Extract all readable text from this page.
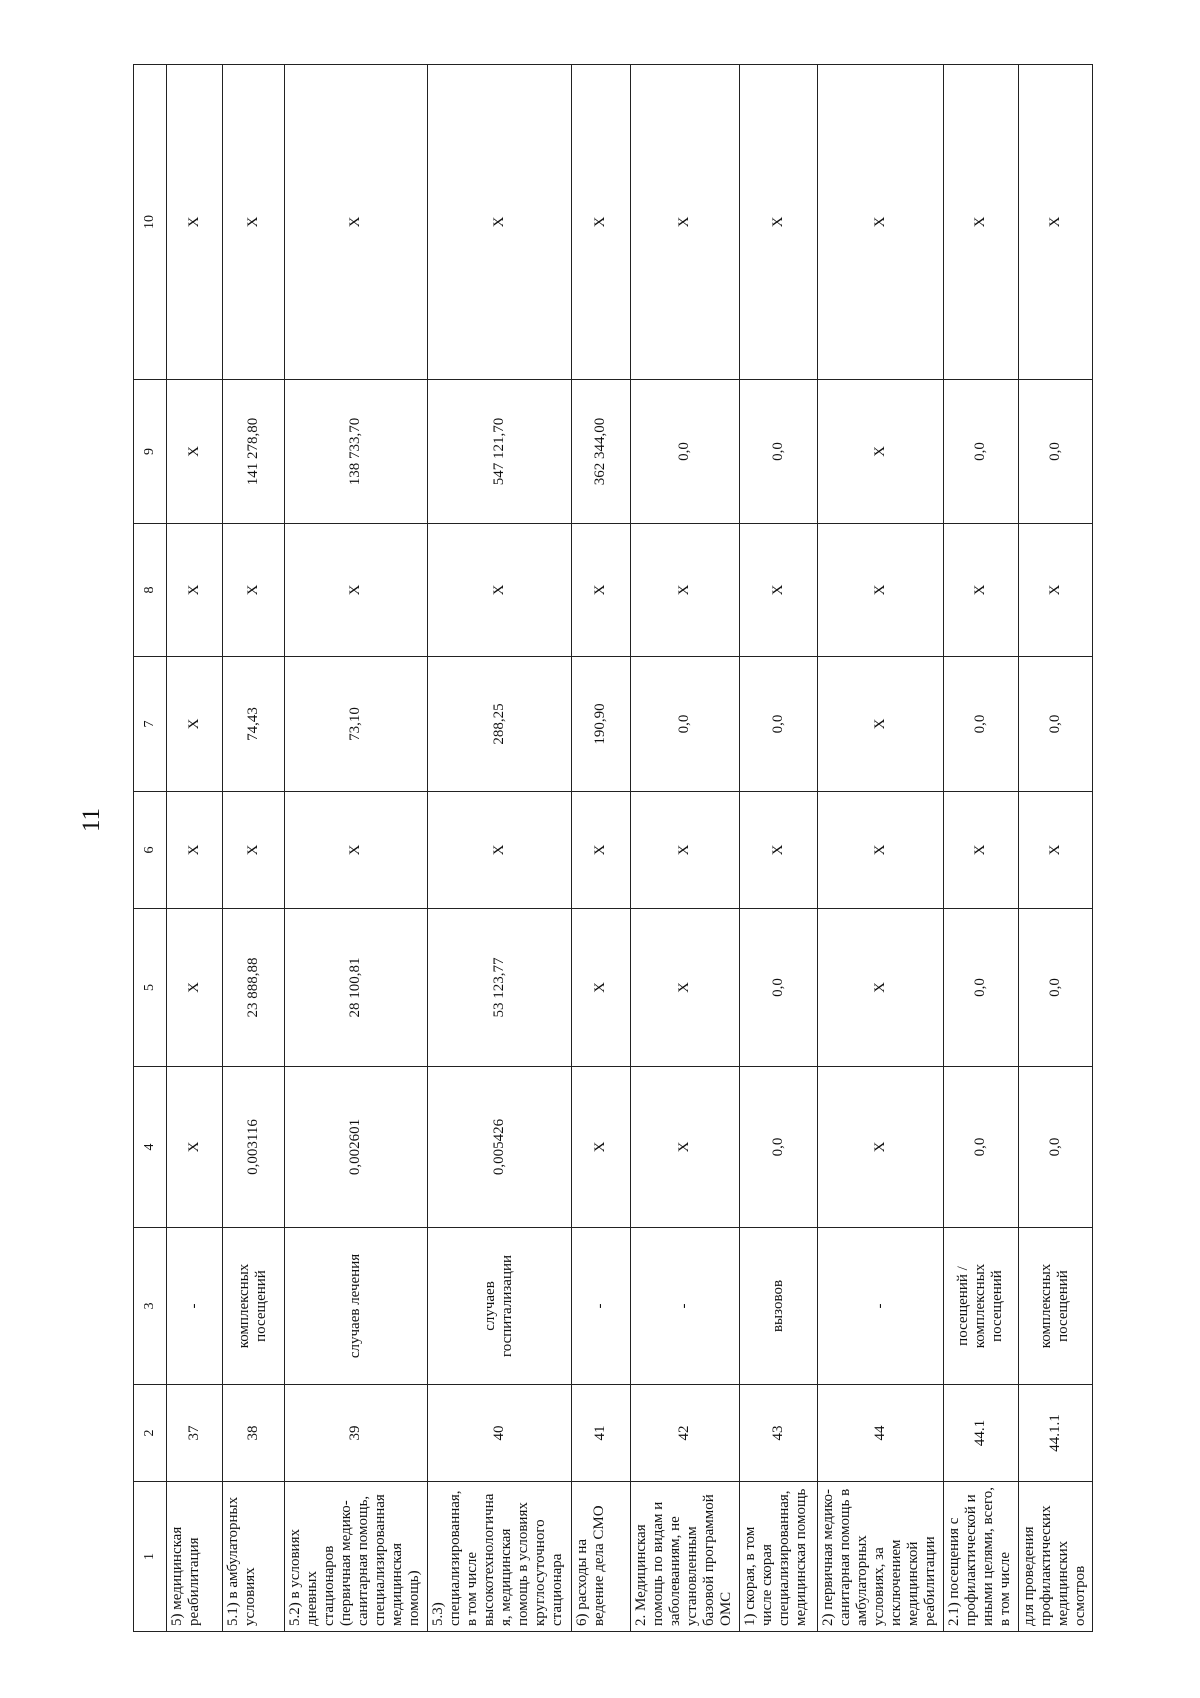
11
1	2	3	4	5	6	7	8	9	10
5) медицинская реабилитация	37	-	X	X	X	X	X	X	X
5.1) в амбулаторных условиях	38	комплексных посещений	0,003116	23 888,88	X	74,43	X	141 278,80	X
5.2) в условиях дневных стационаров (первичная медико-санитарная помощь, специализированная медицинская помощь)	39	случаев лечения	0,002601	28 100,81	X	73,10	X	138 733,70	X
5.3) специализированная, в том числе высокотехнологичная, медицинская помощь в условиях круглосуточного стационара	40	случаев госпитализации	0,005426	53 123,77	X	288,25	X	547 121,70	X
6) расходы на ведение дела СМО	41	-	X	X	X	190,90	X	362 344,00	X
2. Медицинская помощь по видам и заболеваниям, не установленным базовой программой ОМС	42	-	X	X	X	0,0	X	0,0	X
1) скорая, в том числе скорая специализированная, медицинская помощь	43	вызовов	0,0	0,0	X	0,0	X	0,0	X
2) первичная медико-санитарная помощь в амбулаторных условиях, за исключением медицинской реабилитации	44	-	X	X	X	X	X	X	X
2.1) посещения с профилактической и иными целями, всего, в том числе	44.1	посещений / комплексных посещений	0,0	0,0	X	0,0	X	0,0	X
для проведения профилактических медицинских осмотров	44.1.1	комплексных посещений	0,0	0,0	X	0,0	X	0,0	X
